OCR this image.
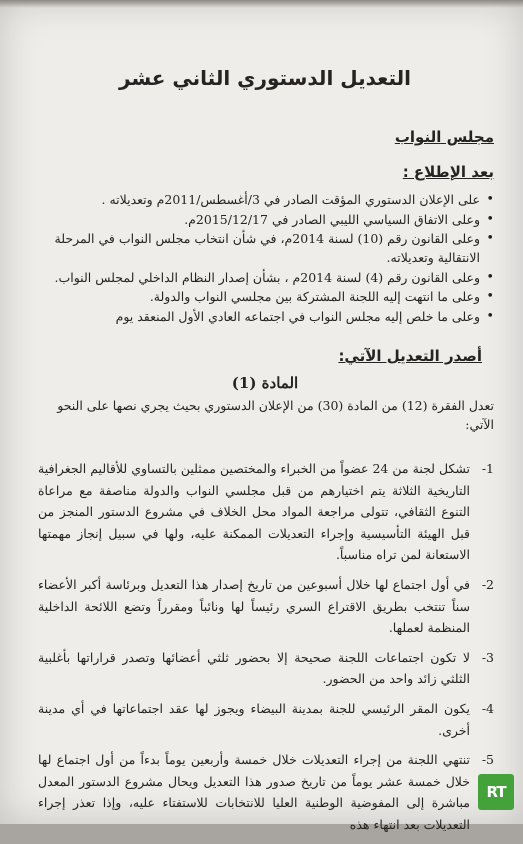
التعديل الدستوري الثاني عشر
مجلس النواب
بعد الإطلاع :
• على الإعلان الدستوري المؤقت الصادر في 3/أغسطس/2011م وتعديلاته .
• وعلى الاتفاق السياسي الليبي الصادر في 2015/12/17م.
• وعلى القانون رقم (10) لسنة 2014م، في شأن انتخاب مجلس النواب في المرحلة الانتقالية وتعديلاته.
• وعلى القانون رقم (4) لسنة 2014م ، بشأن إصدار النظام الداخلي لمجلس النواب.
• وعلى ما انتهت إليه اللجنة المشتركة بين مجلسي النواب والدولة.
• وعلى ما خلص إليه مجلس النواب في اجتماعه العادي الأول المنعقد يوم
أصدر التعديل الآتي:
المادة (1)
تعدل الفقرة (12) من المادة (30) من الإعلان الدستوري بحيث يجري نصها على النحو الآتي:
1-
تشكل لجنة من 24 عضواً من الخبراء والمختصين ممثلين بالتساوي للأقاليم الجغرافية التاريخية الثلاثة يتم اختيارهم من قبل مجلسي النواب والدولة مناصفة مع مراعاة التنوع الثقافي، تتولى مراجعة المواد محل الخلاف في مشروع الدستور المنجز من قبل الهيئة التأسيسية وإجراء التعديلات الممكنة عليه، ولها في سبيل إنجاز مهمتها الاستعانة لمن تراه مناسباً.
2-
في أول اجتماع لها خلال أسبوعين من تاريخ إصدار هذا التعديل وبرئاسة أكبر الأعضاء سناً تنتخب بطريق الاقتراع السري رئيساً لها ونائباً ومقرراً وتضع اللائحة الداخلية المنظمة لعملها.
3-
لا تكون اجتماعات اللجنة صحيحة إلا بحضور ثلثي أعضائها وتصدر قراراتها بأغلبية الثلثي زائد واحد من الحضور.
4-
يكون المقر الرئيسي للجنة بمدينة البيضاء ويجوز لها عقد اجتماعاتها في أي مدينة أخرى.
5-
تنتهي اللجنة من إجراء التعديلات خلال خمسة وأربعين يوماً بدءاً من أول اجتماع لها خلال خمسة عشر يوماً من تاريخ صدور هذا التعديل ويحال مشروع الدستور المعدل مباشرة إلى المفوضية الوطنية العليا للانتخابات للاستفتاء عليه، وإذا تعذر إجراء التعديلات بعد انتهاء هذه
RT
